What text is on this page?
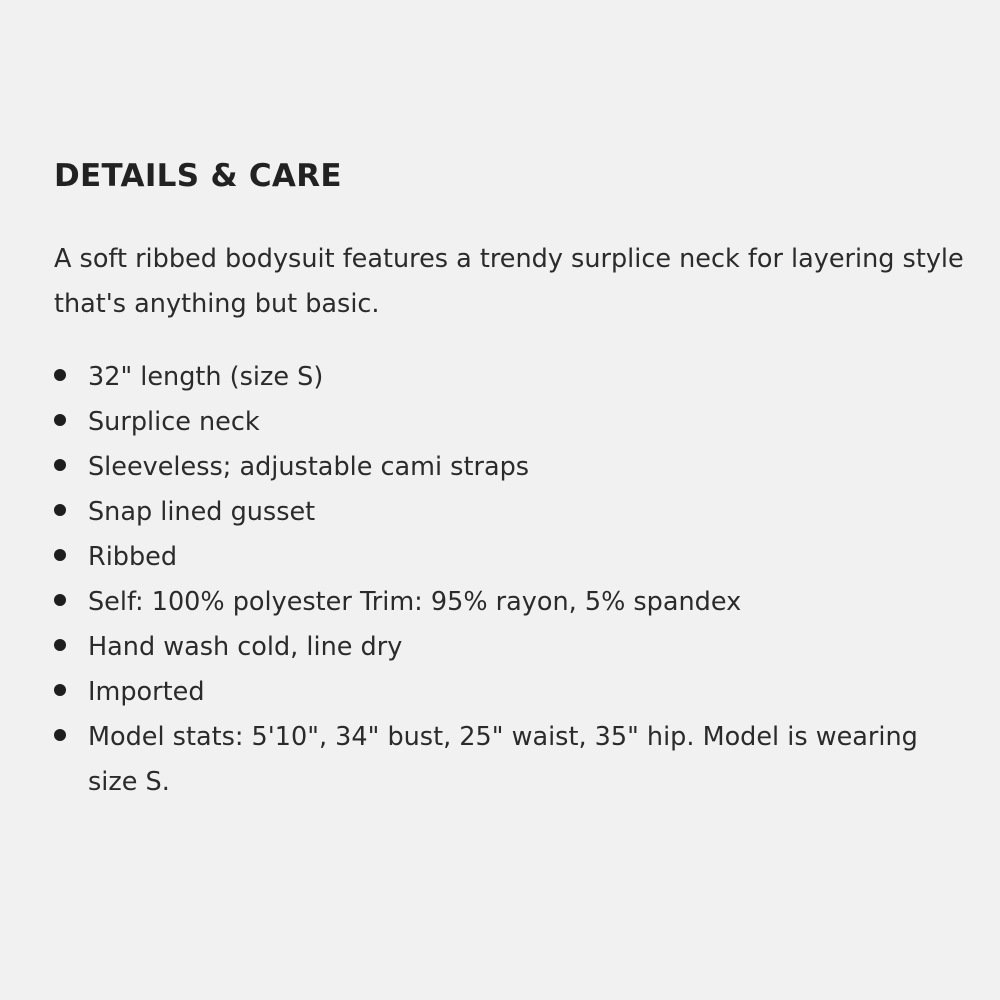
DETAILS & CARE

A soft ribbed bodysuit features a trendy surplice neck for layering style that's anything but basic.

32" length (size S)
Surplice neck
Sleeveless; adjustable cami straps
Snap lined gusset
Ribbed
Self: 100% polyester Trim: 95% rayon, 5% spandex
Hand wash cold, line dry
Imported
Model stats: 5'10", 34" bust, 25" waist, 35" hip. Model is wearing size S.
